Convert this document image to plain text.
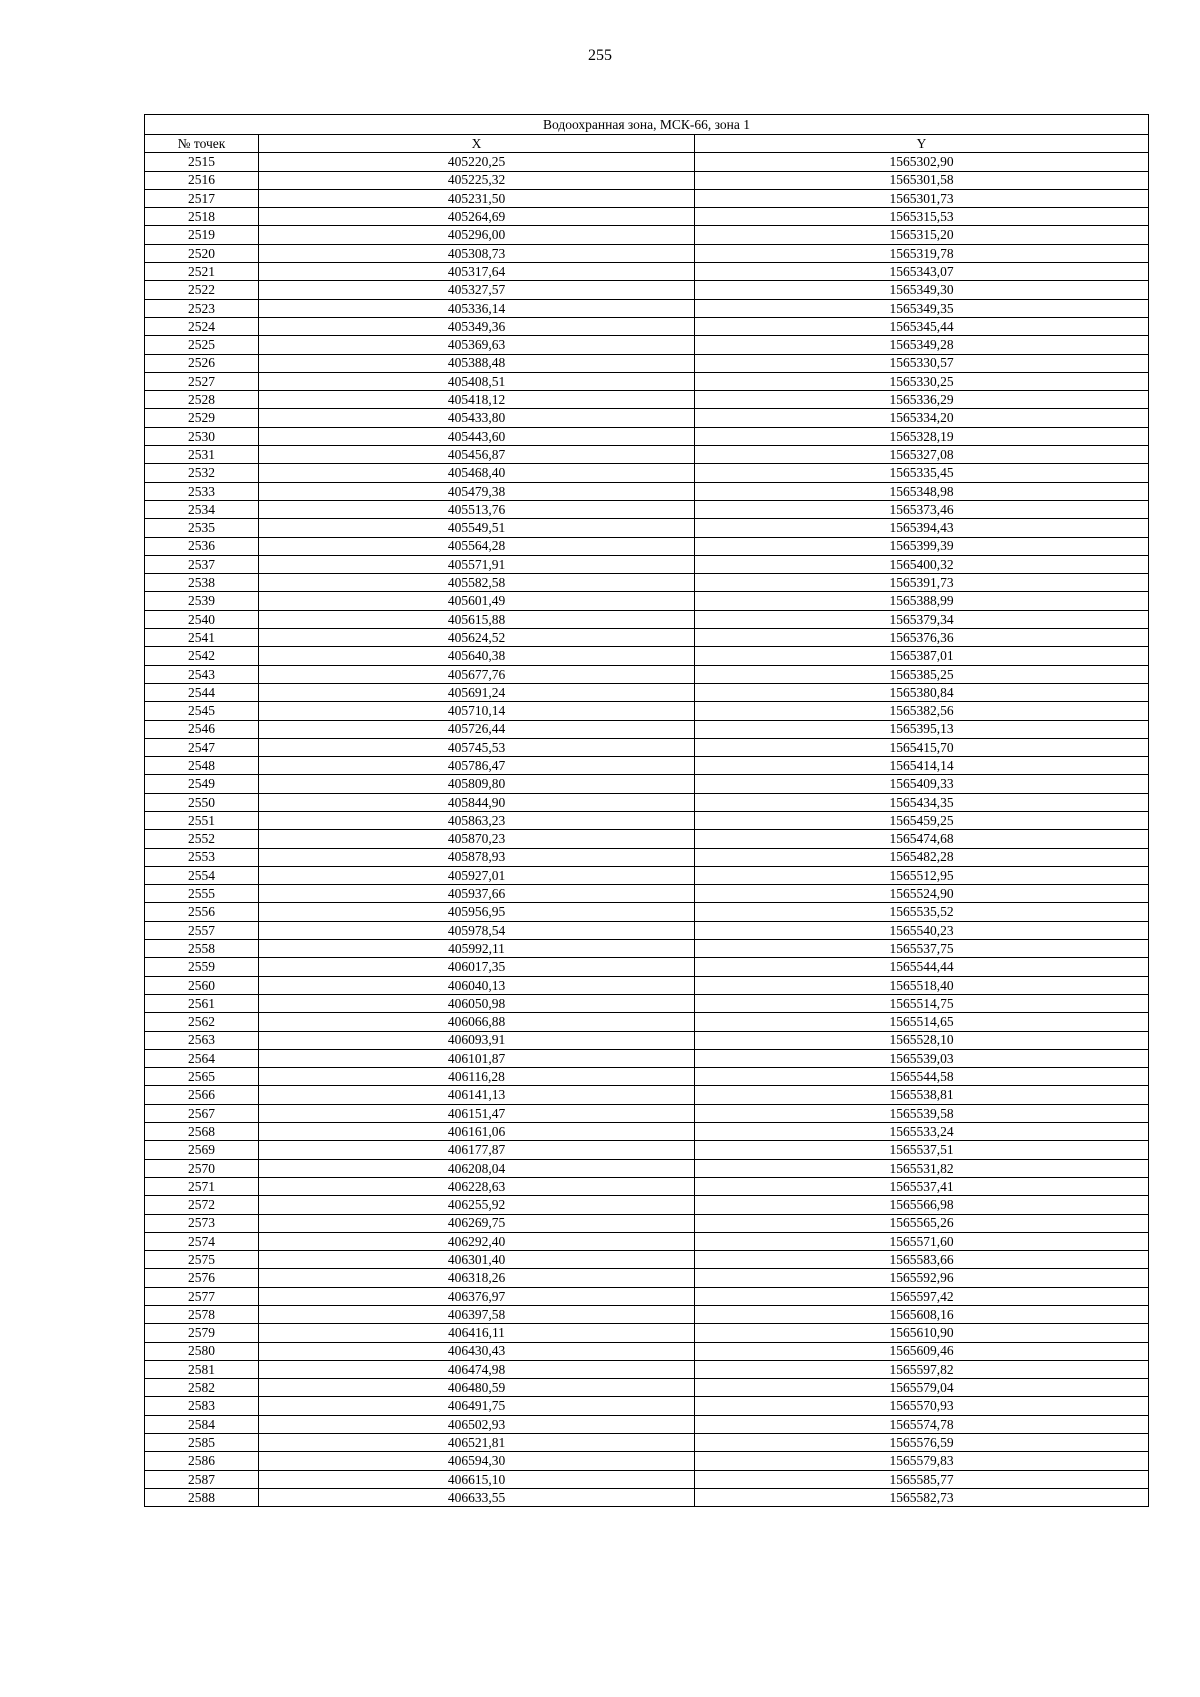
255
Водоохранная зона, МСК-66, зона 1		
№ точек	X	Y
2515	405220,25	1565302,90
2516	405225,32	1565301,58
2517	405231,50	1565301,73
2518	405264,69	1565315,53
2519	405296,00	1565315,20
2520	405308,73	1565319,78
2521	405317,64	1565343,07
2522	405327,57	1565349,30
2523	405336,14	1565349,35
2524	405349,36	1565345,44
2525	405369,63	1565349,28
2526	405388,48	1565330,57
2527	405408,51	1565330,25
2528	405418,12	1565336,29
2529	405433,80	1565334,20
2530	405443,60	1565328,19
2531	405456,87	1565327,08
2532	405468,40	1565335,45
2533	405479,38	1565348,98
2534	405513,76	1565373,46
2535	405549,51	1565394,43
2536	405564,28	1565399,39
2537	405571,91	1565400,32
2538	405582,58	1565391,73
2539	405601,49	1565388,99
2540	405615,88	1565379,34
2541	405624,52	1565376,36
2542	405640,38	1565387,01
2543	405677,76	1565385,25
2544	405691,24	1565380,84
2545	405710,14	1565382,56
2546	405726,44	1565395,13
2547	405745,53	1565415,70
2548	405786,47	1565414,14
2549	405809,80	1565409,33
2550	405844,90	1565434,35
2551	405863,23	1565459,25
2552	405870,23	1565474,68
2553	405878,93	1565482,28
2554	405927,01	1565512,95
2555	405937,66	1565524,90
2556	405956,95	1565535,52
2557	405978,54	1565540,23
2558	405992,11	1565537,75
2559	406017,35	1565544,44
2560	406040,13	1565518,40
2561	406050,98	1565514,75
2562	406066,88	1565514,65
2563	406093,91	1565528,10
2564	406101,87	1565539,03
2565	406116,28	1565544,58
2566	406141,13	1565538,81
2567	406151,47	1565539,58
2568	406161,06	1565533,24
2569	406177,87	1565537,51
2570	406208,04	1565531,82
2571	406228,63	1565537,41
2572	406255,92	1565566,98
2573	406269,75	1565565,26
2574	406292,40	1565571,60
2575	406301,40	1565583,66
2576	406318,26	1565592,96
2577	406376,97	1565597,42
2578	406397,58	1565608,16
2579	406416,11	1565610,90
2580	406430,43	1565609,46
2581	406474,98	1565597,82
2582	406480,59	1565579,04
2583	406491,75	1565570,93
2584	406502,93	1565574,78
2585	406521,81	1565576,59
2586	406594,30	1565579,83
2587	406615,10	1565585,77
2588	406633,55	1565582,73
